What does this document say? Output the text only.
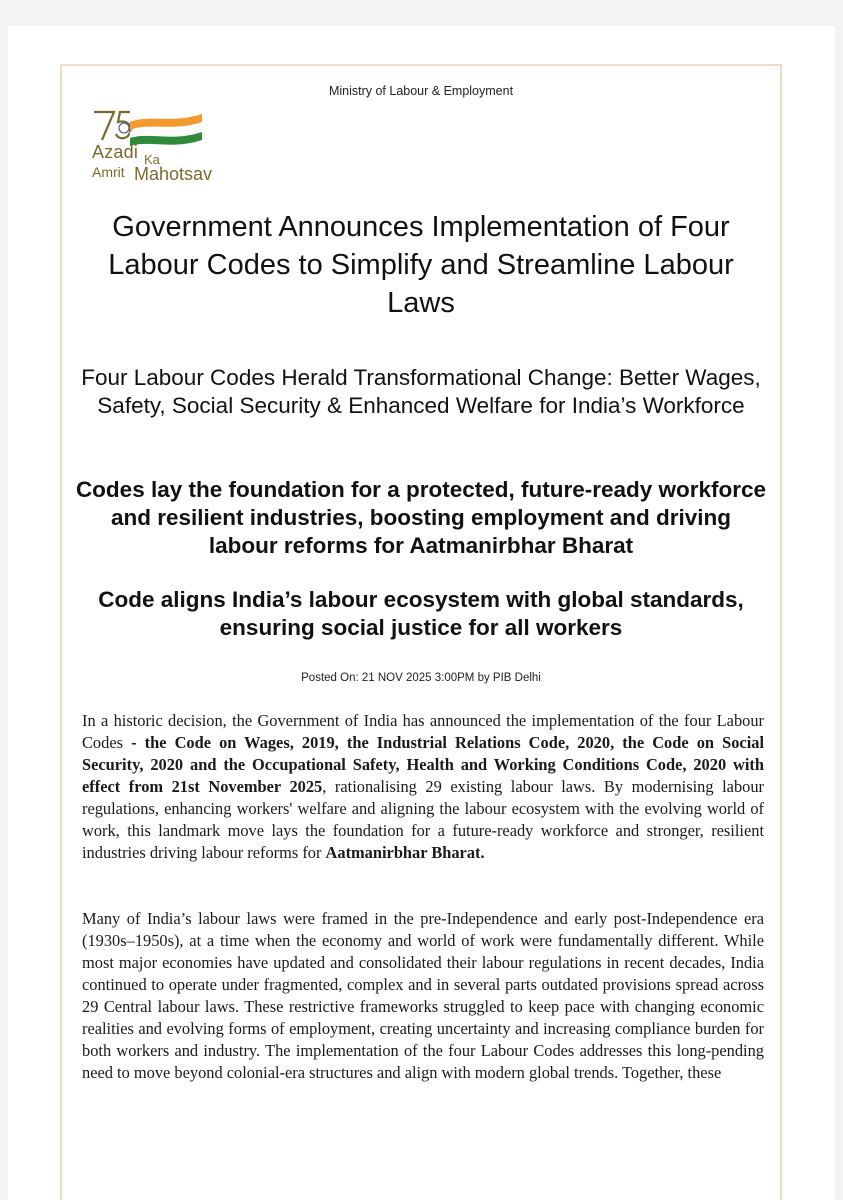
Ministry of Labour & Employment
Azadi Ka
Amrit Mahotsav
Government Announces Implementation of Four Labour Codes to Simplify and Streamline Labour Laws
Four Labour Codes Herald Transformational Change: Better Wages, Safety, Social Security & Enhanced Welfare for India’s Workforce
Codes lay the foundation for a protected, future-ready workforce and resilient industries, boosting employment and driving labour reforms for Aatmanirbhar Bharat
Code aligns India’s labour ecosystem with global standards, ensuring social justice for all workers
Posted On: 21 NOV 2025 3:00PM by PIB Delhi

In a historic decision, the Government of India has announced the implementation of the four Labour Codes - the Code on Wages, 2019, the Industrial Relations Code, 2020, the Code on Social Security, 2020 and the Occupational Safety, Health and Working Conditions Code, 2020 with effect from 21st November 2025, rationalising 29 existing labour laws. By modernising labour regulations, enhancing workers' welfare and aligning the labour ecosystem with the evolving world of work, this landmark move lays the foundation for a future-ready workforce and stronger, resilient industries driving labour reforms for Aatmanirbhar Bharat.

Many of India’s labour laws were framed in the pre-Independence and early post-Independence era (1930s–1950s), at a time when the economy and world of work were fundamentally different. While most major economies have updated and consolidated their labour regulations in recent decades, India continued to operate under fragmented, complex and in several parts outdated provisions spread across 29 Central labour laws. These restrictive frameworks struggled to keep pace with changing economic realities and evolving forms of employment, creating uncertainty and increasing compliance burden for both workers and industry. The implementation of the four Labour Codes addresses this long-pending need to move beyond colonial-era structures and align with modern global trends. Together, these
